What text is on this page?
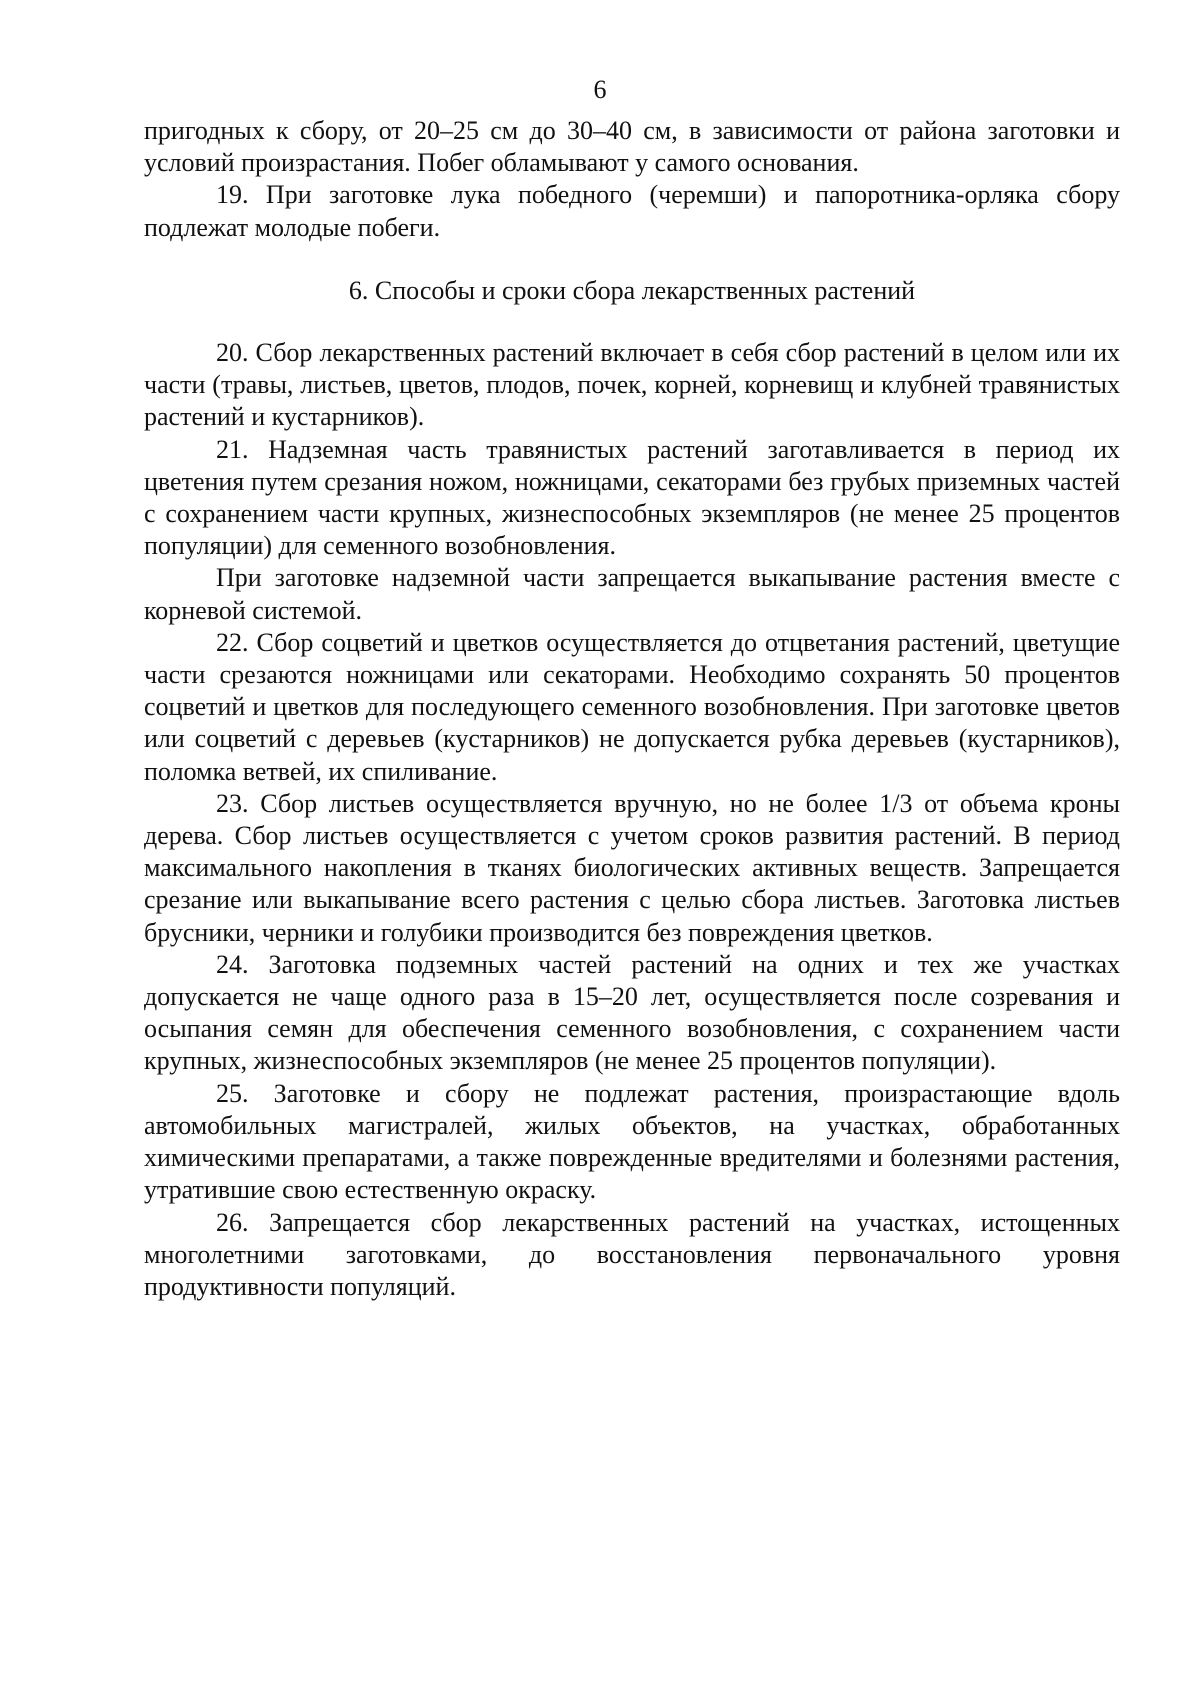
6

пригодных к сбору, от 20–25 см до 30–40 см, в зависимости от района заготовки и условий произрастания. Побег обламывают у самого основания.

19. При заготовке лука победного (черемши) и папоротника-орляка сбору подлежат молодые побеги.

6. Способы и сроки сбора лекарственных растений

20. Сбор лекарственных растений включает в себя сбор растений в целом или их части (травы, листьев, цветов, плодов, почек, корней, корневищ и клубней травянистых растений и кустарников).

21. Надземная часть травянистых растений заготавливается в период их цветения путем срезания ножом, ножницами, секаторами без грубых приземных частей с сохранением части крупных, жизнеспособных экземпляров (не менее 25 процентов популяции) для семенного возобновления.

При заготовке надземной части запрещается выкапывание растения вместе с корневой системой.

22. Сбор соцветий и цветков осуществляется до отцветания растений, цветущие части срезаются ножницами или секаторами. Необходимо сохранять 50 процентов соцветий и цветков для последующего семенного возобновления. При заготовке цветов или соцветий с деревьев (кустарников) не допускается рубка деревьев (кустарников), поломка ветвей, их спиливание.

23. Сбор листьев осуществляется вручную, но не более 1/3 от объема кроны дерева. Сбор листьев осуществляется с учетом сроков развития растений. В период максимального накопления в тканях биологических активных веществ. Запрещается срезание или выкапывание всего растения с целью сбора листьев. Заготовка листьев брусники, черники и голубики производится без повреждения цветков.

24. Заготовка подземных частей растений на одних и тех же участках допускается не чаще одного раза в 15–20 лет, осуществляется после созревания и осыпания семян для обеспечения семенного возобновления, с сохранением части крупных, жизнеспособных экземпляров (не менее 25 процентов популяции).

25. Заготовке и сбору не подлежат растения, произрастающие вдоль автомобильных магистралей, жилых объектов, на участках, обработанных химическими препаратами, а также поврежденные вредителями и болезнями растения, утратившие свою естественную окраску.

26. Запрещается сбор лекарственных растений на участках, истощенных многолетними заготовками, до восстановления первоначального уровня продуктивности популяций.
